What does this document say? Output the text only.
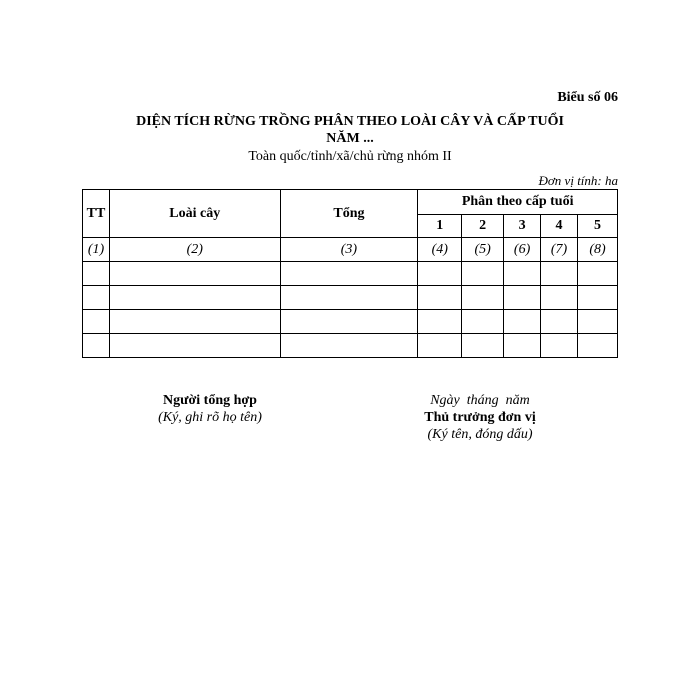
Biểu số 06
DIỆN TÍCH RỪNG TRỒNG PHÂN THEO LOÀI CÂY VÀ CẤP TUỔI
NĂM ...
Toàn quốc/tỉnh/xã/chủ rừng nhóm II
Đơn vị tính: ha
TT	Loài cây	Tổng	Phân theo cấp tuổi				
			1	2	3	4	5
(1)	(2)	(3)	(4)	(5)	(6)	(7)	(8)

Người tổng hợp
(Ký, ghi rõ họ tên)
Ngày  tháng  năm
Thủ trưởng đơn vị
(Ký tên, đóng dấu)
